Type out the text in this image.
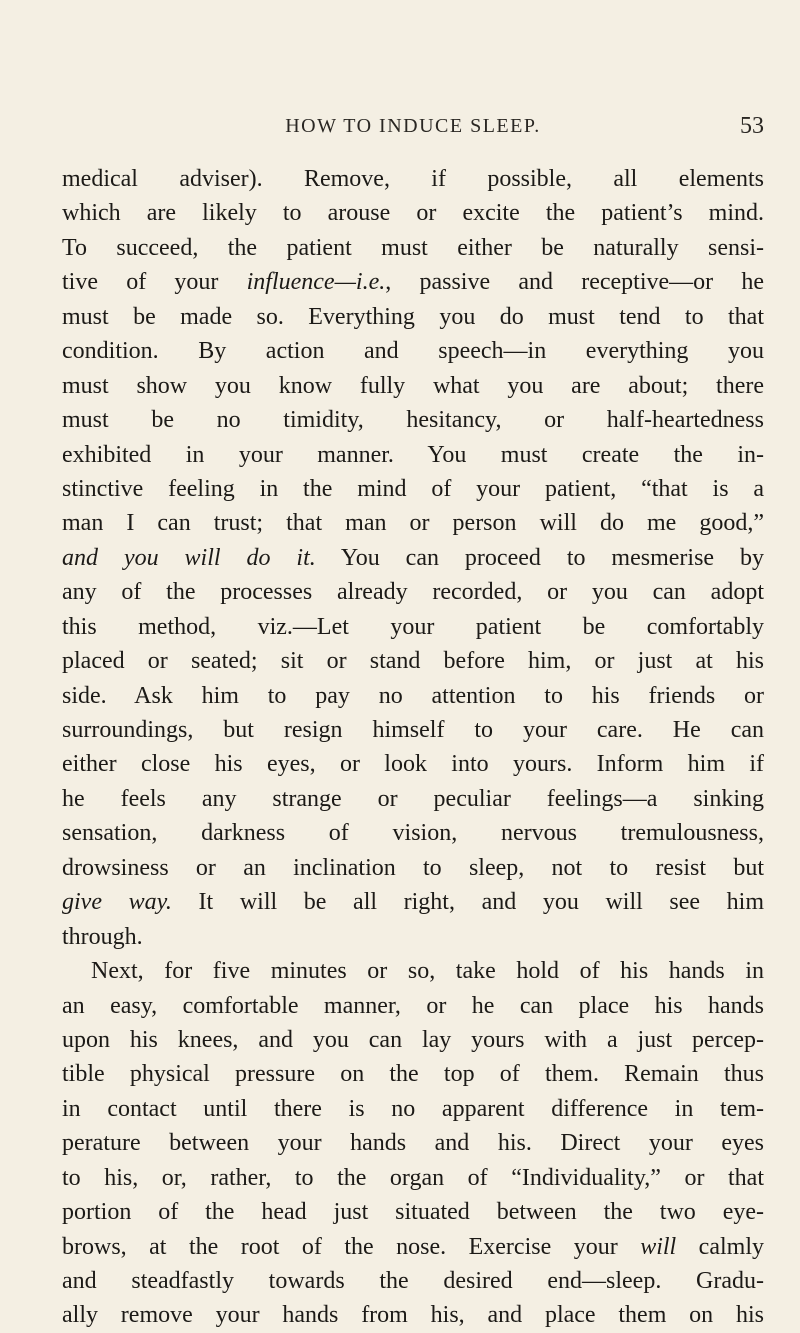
HOW TO INDUCE SLEEP.	53
medical adviser). Remove, if possible, all elements
which are likely to arouse or excite the patient’s mind.
To succeed, the patient must either be naturally sensi-
tive of your influence—i.e., passive and receptive—or he
must be made so. Everything you do must tend to that
condition. By action and speech—in everything you
must show you know fully what you are about; there
must be no timidity, hesitancy, or half-heartedness
exhibited in your manner. You must create the in-
stinctive feeling in the mind of your patient, “that is a
man I can trust; that man or person will do me good,”
and you will do it. You can proceed to mesmerise by
any of the processes already recorded, or you can adopt
this method, viz.—Let your patient be comfortably
placed or seated; sit or stand before him, or just at his
side. Ask him to pay no attention to his friends or
surroundings, but resign himself to your care. He can
either close his eyes, or look into yours. Inform him if
he feels any strange or peculiar feelings—a sinking
sensation, darkness of vision, nervous tremulousness,
drowsiness or an inclination to sleep, not to resist but
give way. It will be all right, and you will see him
through.
Next, for five minutes or so, take hold of his hands in
an easy, comfortable manner, or he can place his hands
upon his knees, and you can lay yours with a just percep-
tible physical pressure on the top of them. Remain thus
in contact until there is no apparent difference in tem-
perature between your hands and his. Direct your eyes
to his, or, rather, to the organ of “Individuality,” or that
portion of the head just situated between the two eye-
brows, at the root of the nose. Exercise your will calmly
and steadfastly towards the desired end—sleep. Gradu-
ally remove your hands from his, and place them on his
